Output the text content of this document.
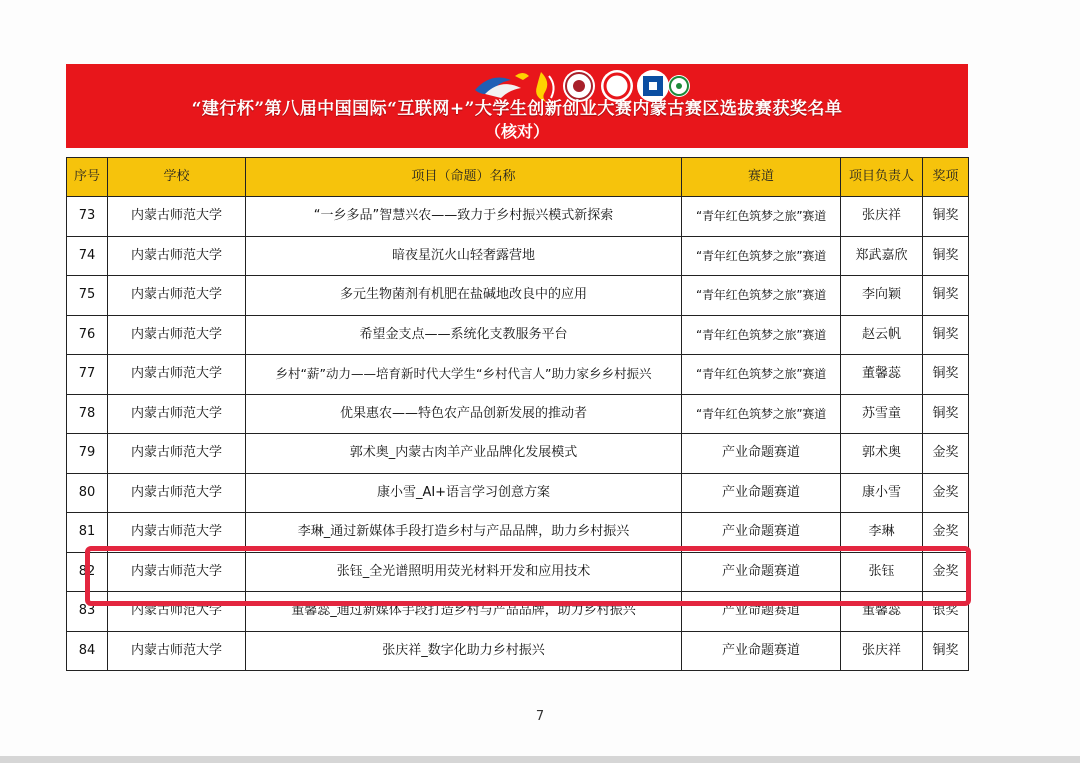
“建行杯”第八届中国国际“互联网+”大学生创新创业大赛内蒙古赛区选拔赛获奖名单
（核对）
序号	学校	项目（命题）名称	赛道	项目负责人	奖项
73	内蒙古师范大学	“一乡多品”智慧兴农——致力于乡村振兴模式新探索	“青年红色筑梦之旅”赛道	张庆祥	铜奖
74	内蒙古师范大学	暗夜星沉火山轻奢露营地	“青年红色筑梦之旅”赛道	郑武嘉欣	铜奖
75	内蒙古师范大学	多元生物菌剂有机肥在盐碱地改良中的应用	“青年红色筑梦之旅”赛道	李向颖	铜奖
76	内蒙古师范大学	希望金支点——系统化支教服务平台	“青年红色筑梦之旅”赛道	赵云帆	铜奖
77	内蒙古师范大学	乡村“薪”动力——培育新时代大学生“乡村代言人”助力家乡乡村振兴	“青年红色筑梦之旅”赛道	董馨蕊	铜奖
78	内蒙古师范大学	优果惠农——特色农产品创新发展的推动者	“青年红色筑梦之旅”赛道	苏雪童	铜奖
79	内蒙古师范大学	郭术奥_内蒙古肉羊产业品牌化发展模式	产业命题赛道	郭术奥	金奖
80	内蒙古师范大学	康小雪_AI+语言学习创意方案	产业命题赛道	康小雪	金奖
81	内蒙古师范大学	李琳_通过新媒体手段打造乡村与产品品牌，助力乡村振兴	产业命题赛道	李琳	金奖
82	内蒙古师范大学	张钰_全光谱照明用荧光材料开发和应用技术	产业命题赛道	张钰	金奖
83	内蒙古师范大学	董馨蕊_通过新媒体手段打造乡村与产品品牌，助力乡村振兴	产业命题赛道	董馨蕊	银奖
84	内蒙古师范大学	张庆祥_数字化助力乡村振兴	产业命题赛道	张庆祥	铜奖
7
